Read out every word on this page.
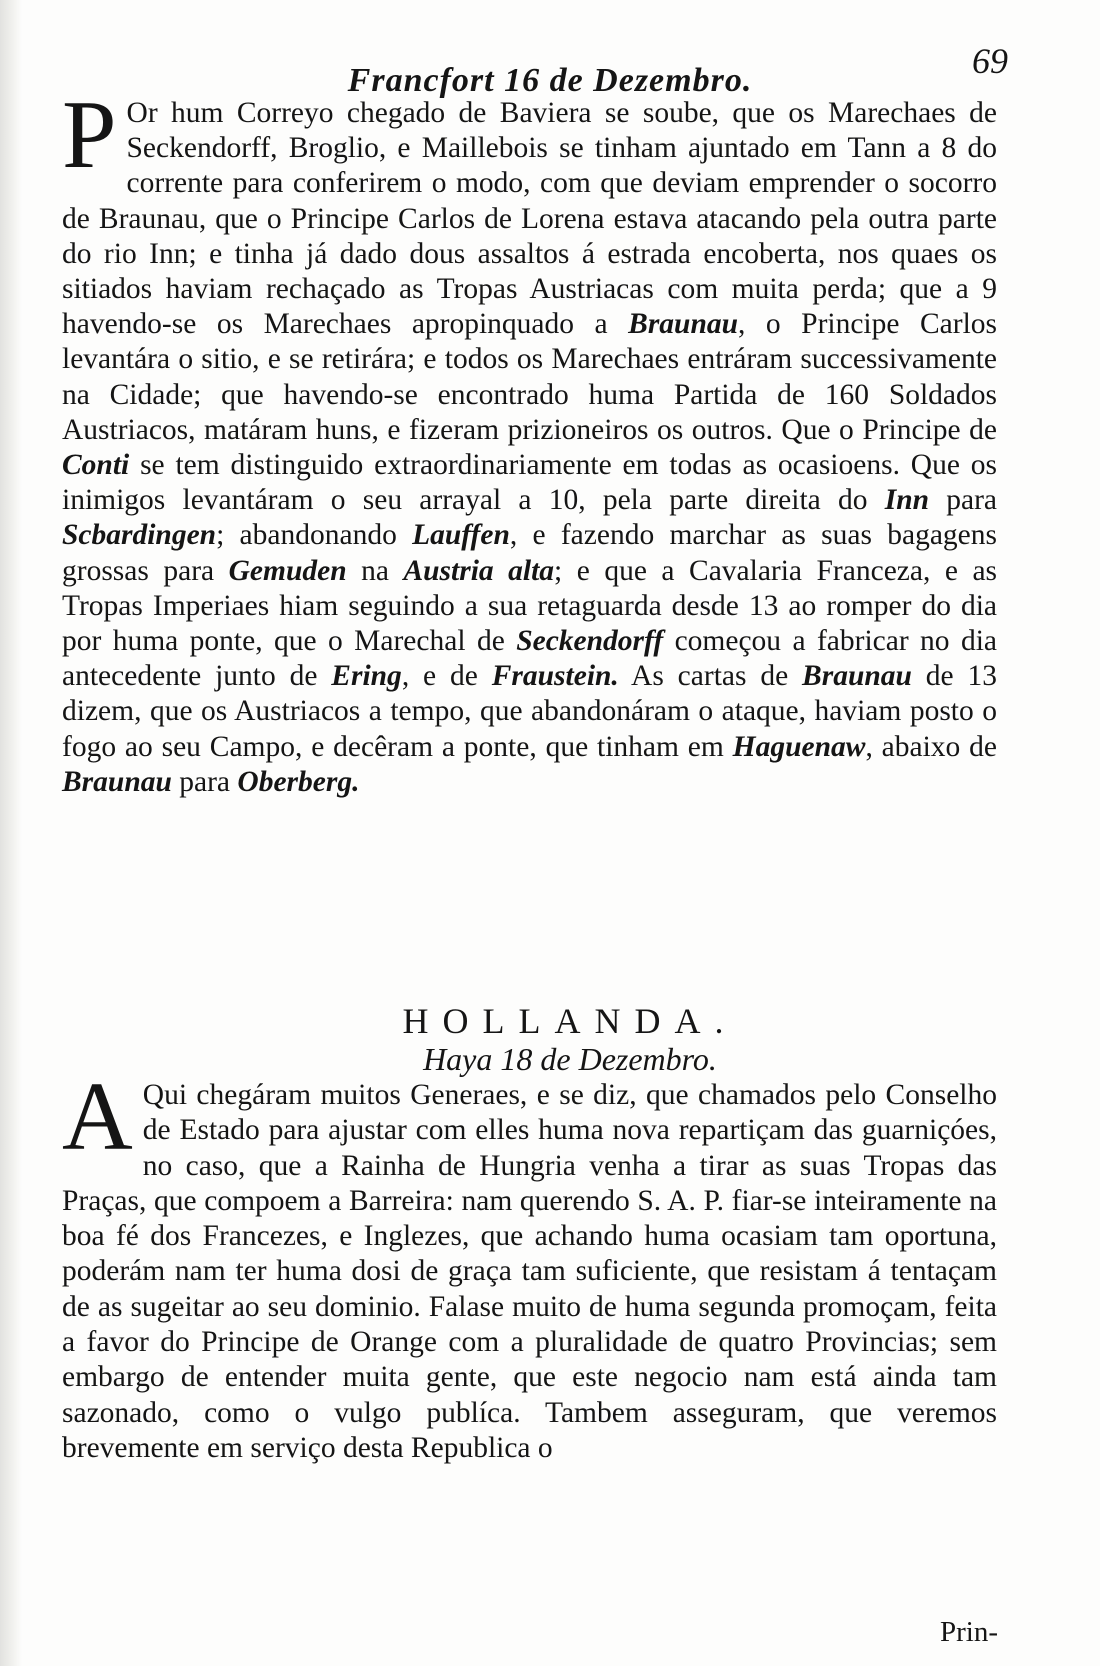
69
Francfort 16 de Dezembro.
P Or hum Correyo chegado de Baviera se soube, que os Marechaes de Seckendorff, Broglio, e Maillebois se tinham ajuntado em Tann a 8 do corrente para conferirem o modo, com que deviam emprender o socorro de Braunau, que o Principe Carlos de Lorena estava atacando pela outra parte do rio Inn; e tinha já dado dous assaltos á estrada encoberta, nos quaes os sitiados haviam rechaçado as Tropas Austriacas com muita perda; que a 9 havendo-se os Marechaes apropinquado a Braunau, o Principe Carlos levantára o sitio, e se retirára; e todos os Marechaes entráram successivamente na Cidade; que havendo-se encontrado huma Partida de 160 Soldados Austriacos, matáram huns, e fizeram prizioneiros os outros. Que o Principe de Conti se tem distinguido extraordinariamente em todas as ocasioens. Que os inimigos levantáram o seu arrayal a 10, pela parte direita do Inn para Scbardingen; abandonando Lauffen, e fazendo marchar as suas bagagens grossas para Gemuden na Austria alta; e que a Cavalaria Franceza, e as Tropas Imperiaes hiam seguindo a sua retaguarda desde 13 ao romper do dia por huma ponte, que o Marechal de Seckendorff começou a fabricar no dia antecedente junto de Ering, e de Fraustein. As cartas de Braunau de 13 dizem, que os Austriacos a tempo, que abandonáram o ataque, haviam posto o fogo ao seu Campo, e decêram a ponte, que tinham em Haguenaw, abaixo de Braunau para Oberberg.
HOLLANDA.
Haya 18 de Dezembro.
A Qui chegáram muitos Generaes, e se diz, que chamados pelo Conselho de Estado para ajustar com elles huma nova repartiçam das guarniçóes, no caso, que a Rainha de Hungria venha a tirar as suas Tropas das Praças, que compoem a Barreira: nam querendo S. A. P. fiar-se inteiramente na boa fé dos Francezes, e Inglezes, que achando huma ocasiam tam oportuna, poderám nam ter huma dosi de graça tam suficiente, que resistam á tentaçam de as sugeitar ao seu dominio. Falase muito de huma segunda promoçam, feita a favor do Principe de Orange com a pluralidade de quatro Provincias; sem embargo de entender muita gente, que este negocio nam está ainda tam sazonado, como o vulgo publíca. Tambem asseguram, que veremos brevemente em serviço desta Republica o
Prin-
